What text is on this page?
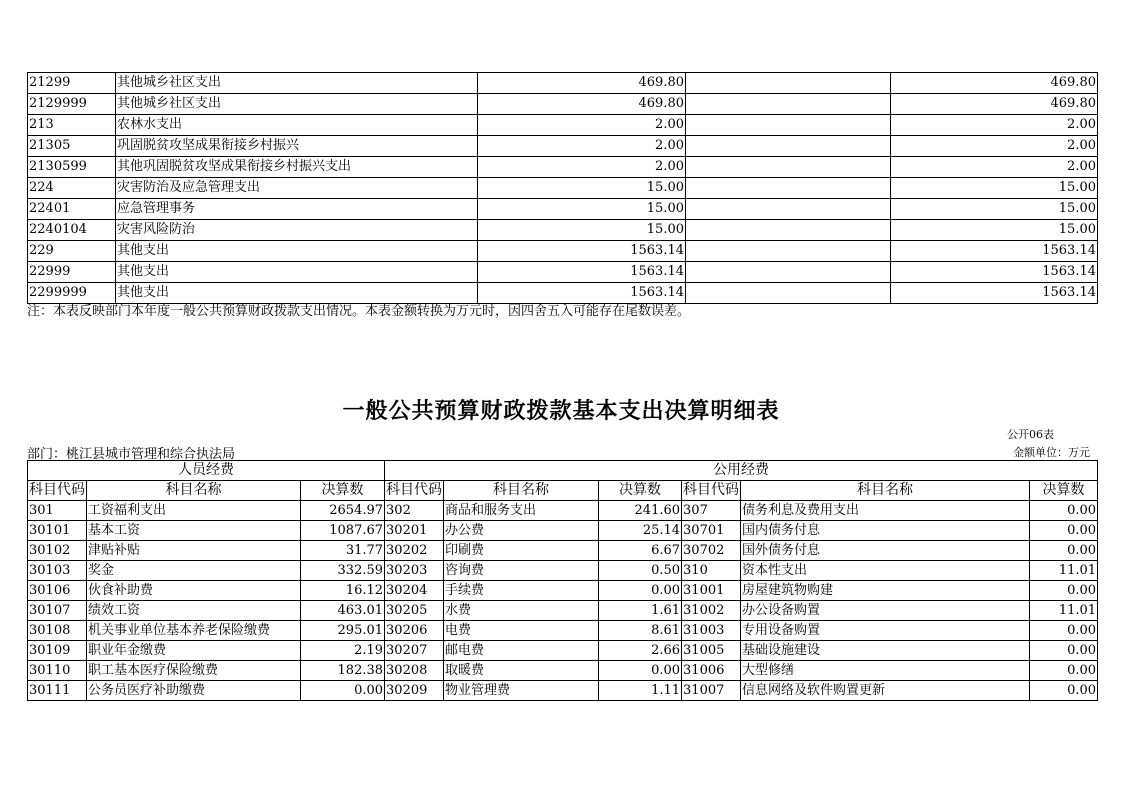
21299	其他城乡社区支出	469.80		469.80
2129999	其他城乡社区支出	469.80		469.80
213	农林水支出	2.00		2.00
21305	巩固脱贫攻坚成果衔接乡村振兴	2.00		2.00
2130599	其他巩固脱贫攻坚成果衔接乡村振兴支出	2.00		2.00
224	灾害防治及应急管理支出	15.00		15.00
22401	应急管理事务	15.00		15.00
2240104	灾害风险防治	15.00		15.00
229	其他支出	1563.14		1563.14
22999	其他支出	1563.14		1563.14
2299999	其他支出	1563.14		1563.14
注：本表反映部门本年度一般公共预算财政拨款支出情况。本表金额转换为万元时，因四舍五入可能存在尾数误差。
一般公共预算财政拨款基本支出决算明细表
公开06表
部门：桃江县城市管理和综合执法局	金额单位：万元
人员经费			公用经费					
科目代码	科目名称	决算数	科目代码	科目名称	决算数	科目代码	科目名称	决算数
301	工资福利支出	2654.97	302	商品和服务支出	241.60	307	债务利息及费用支出	0.00
30101	基本工资	1087.67	30201	办公费	25.14	30701	国内债务付息	0.00
30102	津贴补贴	31.77	30202	印刷费	6.67	30702	国外债务付息	0.00
30103	奖金	332.59	30203	咨询费	0.50	310	资本性支出	11.01
30106	伙食补助费	16.12	30204	手续费	0.00	31001	房屋建筑物购建	0.00
30107	绩效工资	463.01	30205	水费	1.61	31002	办公设备购置	11.01
30108	机关事业单位基本养老保险缴费	295.01	30206	电费	8.61	31003	专用设备购置	0.00
30109	职业年金缴费	2.19	30207	邮电费	2.66	31005	基础设施建设	0.00
30110	职工基本医疗保险缴费	182.38	30208	取暖费	0.00	31006	大型修缮	0.00
30111	公务员医疗补助缴费	0.00	30209	物业管理费	1.11	31007	信息网络及软件购置更新	0.00
